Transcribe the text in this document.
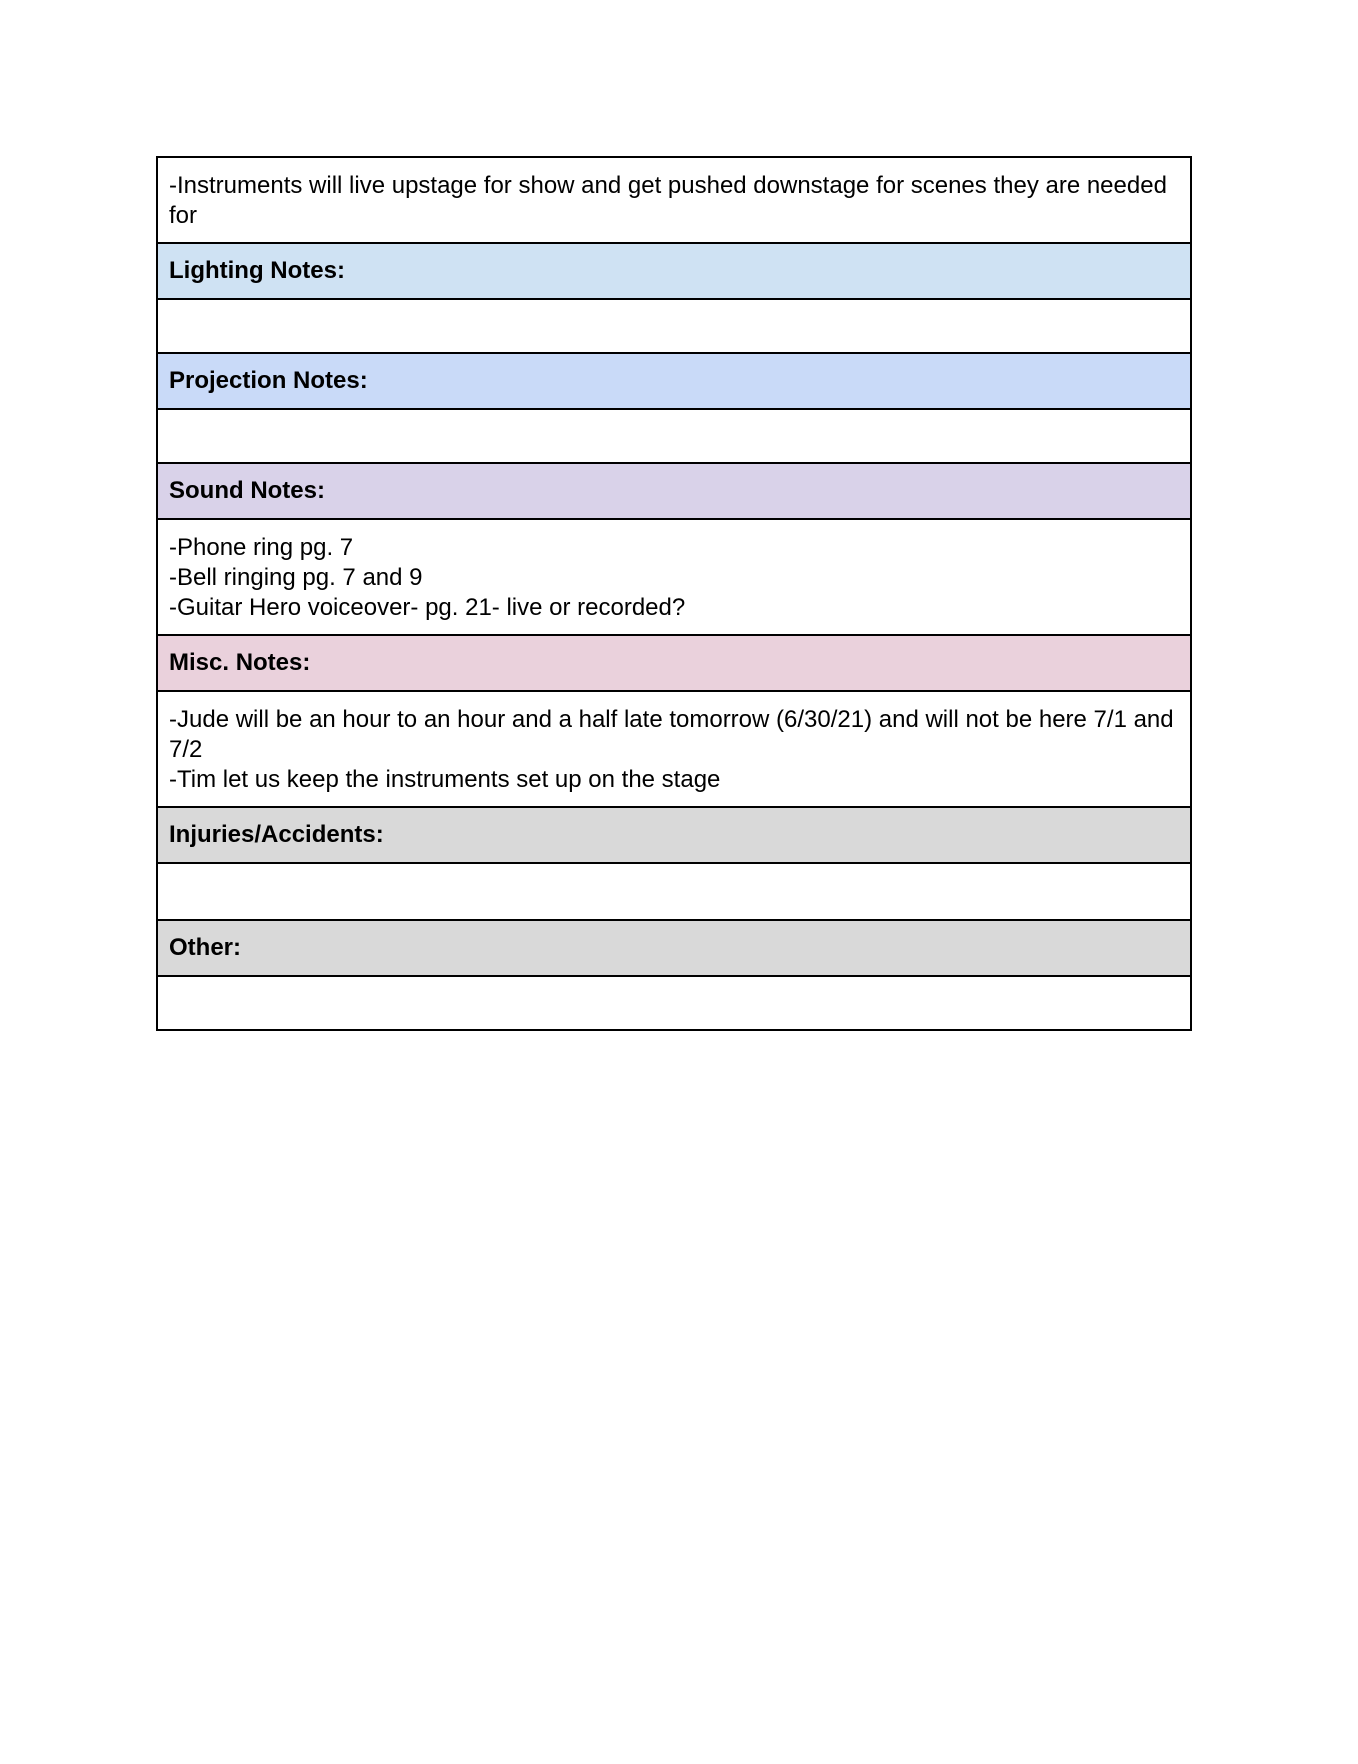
-Instruments will live upstage for show and get pushed downstage for scenes they are needed for
Lighting Notes:
Projection Notes:
Sound Notes:
-Phone ring pg. 7
-Bell ringing pg. 7 and 9
-Guitar Hero voiceover- pg. 21- live or recorded?
Misc. Notes:
-Jude will be an hour to an hour and a half late tomorrow (6/30/21) and will not be here 7/1 and 7/2
-Tim let us keep the instruments set up on the stage
Injuries/Accidents:
Other:
